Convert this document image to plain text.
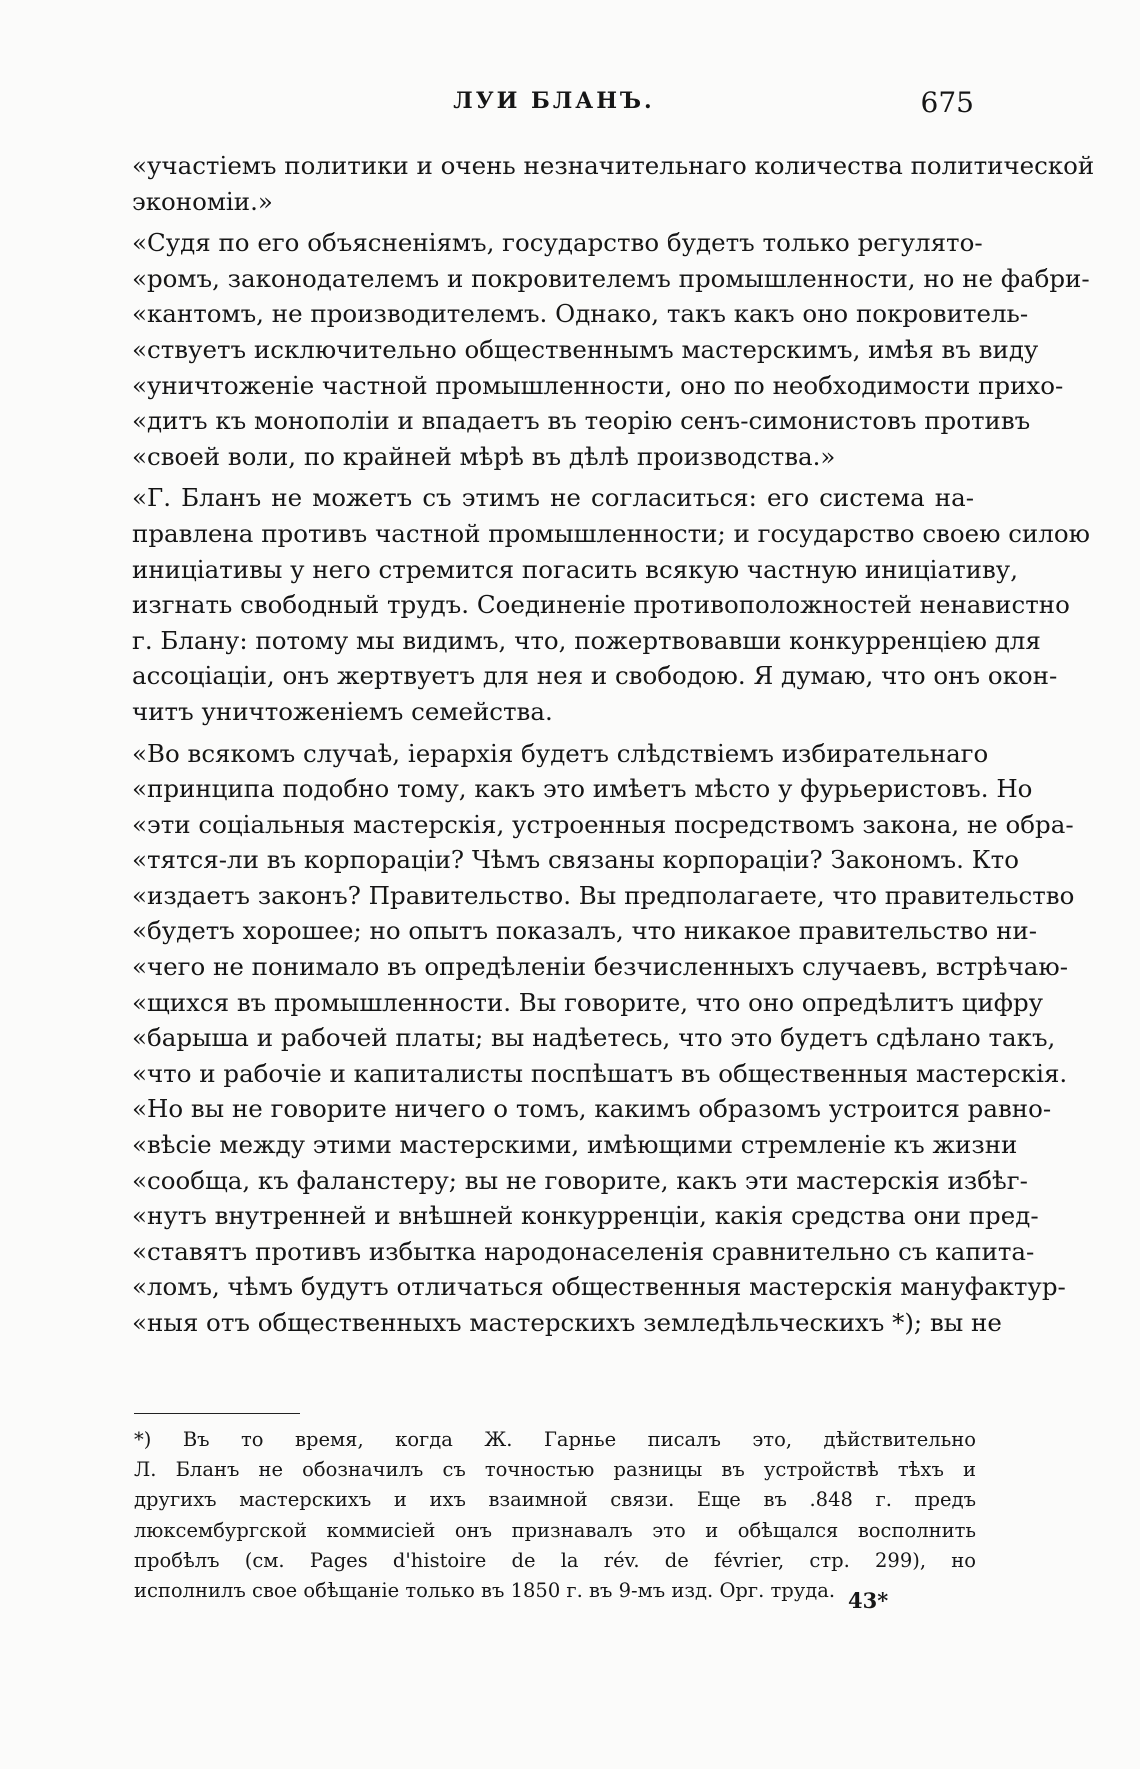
ЛУИ БЛАНЪ.	675
«участіемъ политики и очень незначительнаго количества политической
экономіи.»
«Судя по его объясненіямъ, государство будетъ только регулято-
«ромъ, законодателемъ и покровителемъ промышленности, но не фабри-
«кантомъ, не производителемъ. Однако, такъ какъ оно покровитель-
«ствуетъ исключительно общественнымъ мастерскимъ, имѣя въ виду
«уничтоженіе частной промышленности, оно по необходимости прихо-
«дитъ къ монополіи и впадаетъ въ теорію сенъ-симонистовъ противъ
«своей воли, по крайней мѣрѣ въ дѣлѣ производства.»
«Г. Бланъ не можетъ съ этимъ не согласиться: его система на-
правлена противъ частной промышленности; и государство своею силою
иниціативы у него стремится погасить всякую частную иниціативу,
изгнать свободный трудъ. Соединеніе противоположностей ненавистно
г. Блану: потому мы видимъ, что, пожертвовавши конкурренціею для
ассоціаціи, онъ жертвуетъ для нея и свободою. Я думаю, что онъ окон-
читъ уничтоженіемъ семейства.
«Во всякомъ случаѣ, іерархія будетъ слѣдствіемъ избирательнаго
«принципа подобно тому, какъ это имѣетъ мѣсто у фурьеристовъ. Но
«эти соціальныя мастерскія, устроенныя посредствомъ закона, не обра-
«тятся-ли въ корпораціи? Чѣмъ связаны корпораціи? Закономъ. Кто
«издаетъ законъ? Правительство. Вы предполагаете, что правительство
«будетъ хорошее; но опытъ показалъ, что никакое правительство ни-
«чего не понимало въ опредѣленіи безчисленныхъ случаевъ, встрѣчаю-
«щихся въ промышленности. Вы говорите, что оно опредѣлитъ цифру
«барыша и рабочей платы; вы надѣетесь, что это будетъ сдѣлано такъ,
«что и рабочіе и капиталисты поспѣшатъ въ общественныя мастерскія.
«Но вы не говорите ничего о томъ, какимъ образомъ устроится равно-
«вѣсіе между этими мастерскими, имѣющими стремленіе къ жизни
«сообща, къ фаланстеру; вы не говорите, какъ эти мастерскія избѣг-
«нутъ внутренней и внѣшней конкурренціи, какія средства они пред-
«ставятъ противъ избытка народонаселенія сравнительно съ капита-
«ломъ, чѣмъ будутъ отличаться общественныя мастерскія мануфактур-
«ныя отъ общественныхъ мастерскихъ земледѣльческихъ *); вы не
*) Въ то время, когда Ж. Гарнье писалъ это, дѣйствительно
Л. Бланъ не обозначилъ съ точностью разницы въ устройствѣ тѣхъ и
другихъ мастерскихъ и ихъ взаимной связи. Еще въ .848 г. предъ
люксембургской коммисiей онъ признавалъ это и обѣщался восполнить
пробѣлъ (см. Pages d'histoire de la rév. de février, стр. 299), но
исполнилъ свое обѣщаніе только въ 1850 г. въ 9-мъ изд. Орг. труда. 43*
